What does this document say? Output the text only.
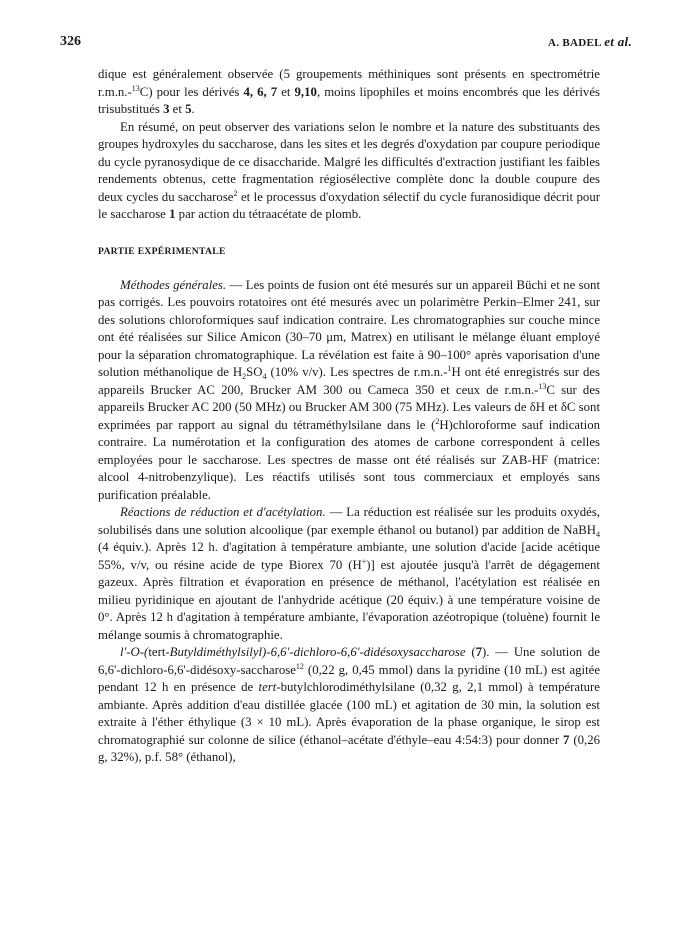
326	A. BADEL et al.

dique est généralement observée (5 groupements méthiniques sont présents en spectrométrie r.m.n.-$^{13}$C) pour les dérivés 4, 6, 7 et 9,10, moins lipophiles et moins encombrés que les dérivés trisubstitués 3 et 5.

En résumé, on peut observer des variations selon le nombre et la nature des substituants des groupes hydroxyles du saccharose, dans les sites et les degrés d'oxydation par coupure periodique du cycle pyranosydique de ce disaccharide. Malgré les difficultés d'extraction justifiant les faibles rendements obtenus, cette fragmentation régiosélective complète donc la double coupure des deux cycles du saccharose$^2$ et le processus d'oxydation sélectif du cycle furanosidique décrit pour le saccharose 1 par action du tétraacétate de plomb.

PARTIE EXPÉRIMENTALE

Méthodes générales. — Les points de fusion ont été mesurés sur un appareil Büchi et ne sont pas corrigés. Les pouvoirs rotatoires ont été mesurés avec un polarimètre Perkin–Elmer 241, sur des solutions chloroformiques sauf indication contraire. Les chromatographies sur couche mince ont été réalisées sur Silice Amicon (30–70 μm, Matrex) en utilisant le mélange éluant employé pour la séparation chromatographique. La révélation est faite à 90–100° après vaporisation d'une solution méthanolique de $H_2SO_4$ (10% v/v). Les spectres de r.m.n.-$^1$H ont été enregistrés sur des appareils Brucker AC 200, Brucker AM 300 ou Cameca 350 et ceux de r.m.n.-$^{13}$C sur des appareils Brucker AC 200 (50 MHz) ou Brucker AM 300 (75 MHz). Les valeurs de δH et δC sont exprimées par rapport au signal du tétraméthylsilane dans le ($^2$H)chloroforme sauf indication contraire. La numérotation et la configuration des atomes de carbone correspondent à celles employées pour le saccharose. Les spectres de masse ont été réalisés sur ZAB-HF (matrice: alcool 4-nitrobenzylique). Les réactifs utilisés sont tous commerciaux et employés sans purification préalable.

Réactions de réduction et d'acétylation. — La réduction est réalisée sur les produits oxydés, solubilisés dans une solution alcoolique (par exemple éthanol ou butanol) par addition de NaBH$_4$ (4 équiv.). Après 12 h. d'agitation à température ambiante, une solution d'acide [acide acétique 55%, v/v, ou résine acide de type Biorex 70 (H+)] est ajoutée jusqu'à l'arrêt de dégagement gazeux. Après filtration et évaporation en présence de méthanol, l'acétylation est réalisée en milieu pyridinique en ajoutant de l'anhydride acétique (20 équiv.) à une température voisine de 0°. Après 12 h d'agitation à température ambiante, l'évaporation azéotropique (toluène) fournit le mélange soumis à chromatographie.

l'-O-(tert-Butyldiméthylsilyl)-6,6'-dichloro-6,6'-didésoxysaccharose (7). — Une solution de 6,6'-dichloro-6,6'-didésoxy-saccharose$^{12}$ (0,22 g, 0,45 mmol) dans la pyridine (10 mL) est agitée pendant 12 h en présence de tert-butylchlorodiméthylsilane (0,32 g, 2,1 mmol) à température ambiante. Après addition d'eau distillée glacée (100 mL) et agitation de 30 min, la solution est extraite à l'éther éthylique (3 × 10 mL). Après évaporation de la phase organique, le sirop est chromatographié sur colonne de silice (éthanol–acétate d'éthyle–eau 4:54:3) pour donner 7 (0,26 g, 32%), p.f. 58° (éthanol),
